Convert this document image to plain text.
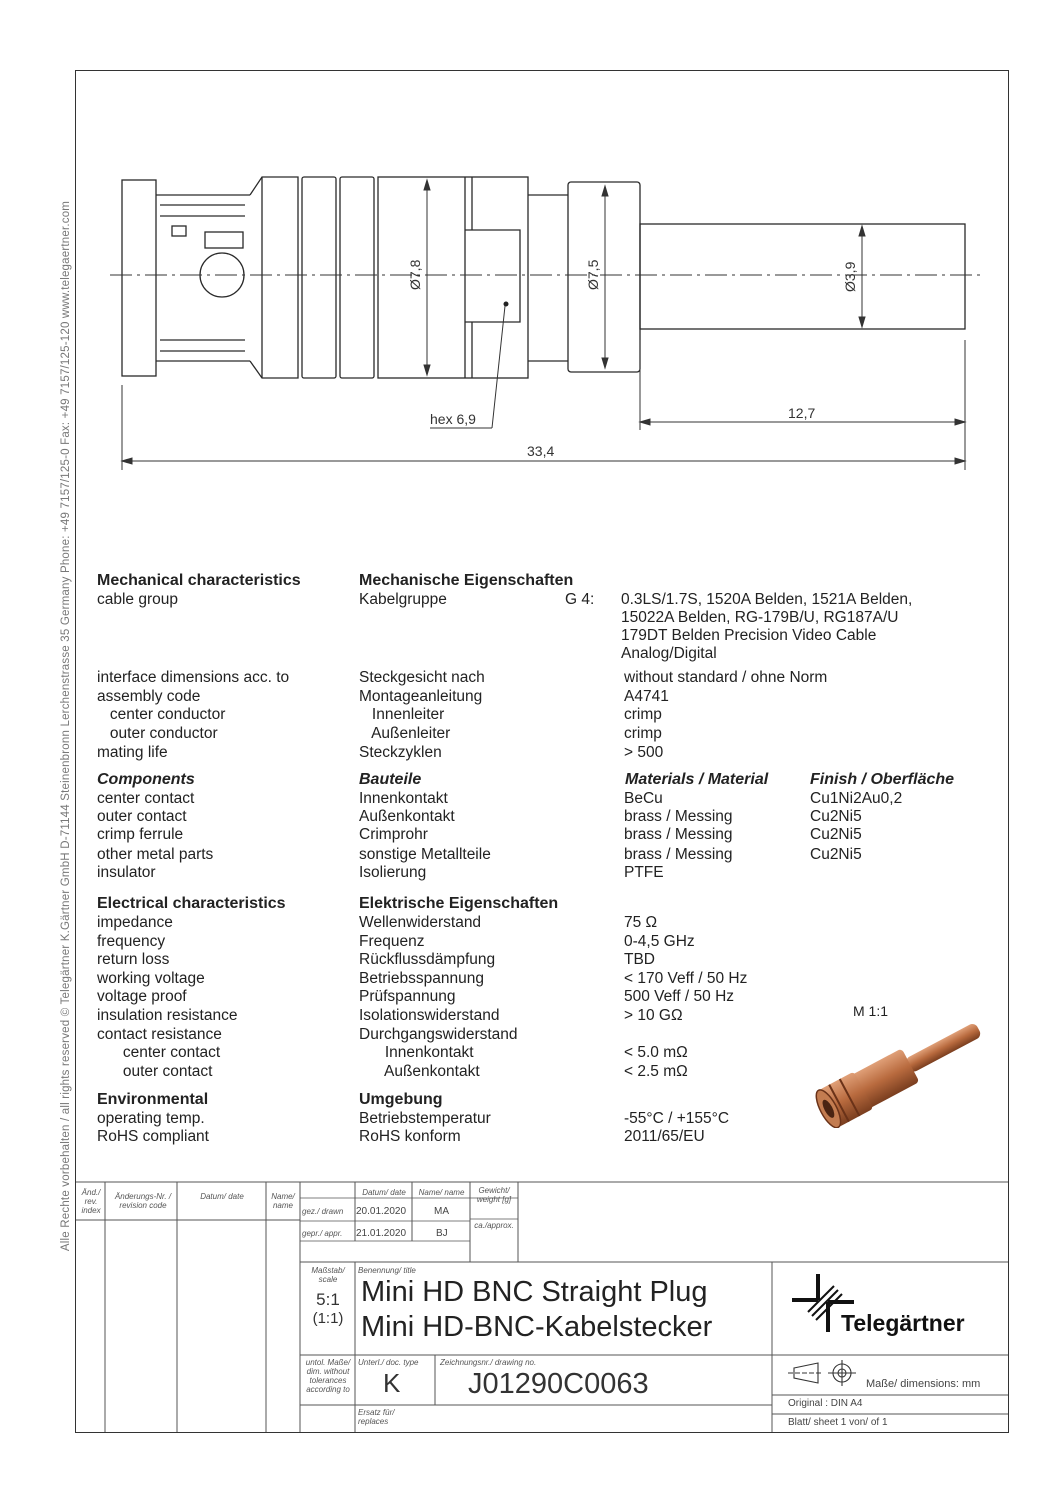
Alle Rechte vorbehalten / all rights reserved © Telegärtner K.Gärtner GmbH D-71144 Steinenbronn Lerchenstrasse 35 Germany Phone: +49 7157/125-0 Fax: +49 7157/125-120 www.telegaertner.com	Ø7,8	Ø7,5	Ø3,9
hex 6,9	12,7
33,4
Mechanical characteristics	Mechanische Eigenschaften
cable group	Kabelgruppe	G 4: 0.3LS/1.7S, 1520A Belden, 1521A Belden,
15022A Belden, RG-179B/U, RG187A/U
179DT Belden Precision Video Cable
Analog/Digital
interface dimensions acc. to	Steckgesicht nach	without standard / ohne Norm
assembly code	Montageanleitung	A4741
center conductor	Innenleiter	crimp
outer conductor	Außenleiter	crimp
mating life	Steckzyklen	> 500
Components	Bauteile	Materials / Material	Finish / Oberfläche
center contact	Innenkontakt	BeCu	Cu1Ni2Au0,2
outer contact	Außenkontakt	brass / Messing	Cu2Ni5
crimp ferrule	Crimprohr	brass / Messing	Cu2Ni5
other metal parts	sonstige Metallteile	brass / Messing	Cu2Ni5
insulator	Isolierung	PTFE
Electrical characteristics	Elektrische Eigenschaften
impedance	Wellenwiderstand	75 Ω
frequency	Frequenz	0-4,5 GHz
return loss	Rückflussdämpfung	TBD
working voltage	Betriebsspannung	< 170 Veff / 50 Hz
voltage proof	Prüfspannung	500 Veff / 50 Hz
insulation resistance	Isolationswiderstand	> 10 GΩ
contact resistance	Durchgangswiderstand
center contact	Innenkontakt	< 5.0 mΩ
outer contact	Außenkontakt	< 2.5 mΩ
Environmental	Umgebung
operating temp.	Betriebstemperatur	-55°C / +155°C
RoHS compliant	RoHS konform	2011/65/EU
M 1:1
Änd./ rev. index
Änderungs-Nr. / revision code
Datum/ date	Name/ name
Datum/ date	Name/ name	Gewicht/ weight [g]
ca./approx.
gez./ drawn 20.01.2020	MA
gepr./ appr. 21.01.2020	BJ
Maßstab/ scale
5:1
(1:1)
Benennung/ title
Mini HD BNC Straight Plug
Mini HD-BNC-Kabelstecker	Telegärtner
untol. Maße/ dim. without tolerances according to
Unterl./ doc. type
K
Zeichnungsnr./ drawing no.
J01290C0063	Maße/ dimensions: mm
Original : DIN A4
Blatt/ sheet 1 von/ of 1
Ersatz für/ replaces
